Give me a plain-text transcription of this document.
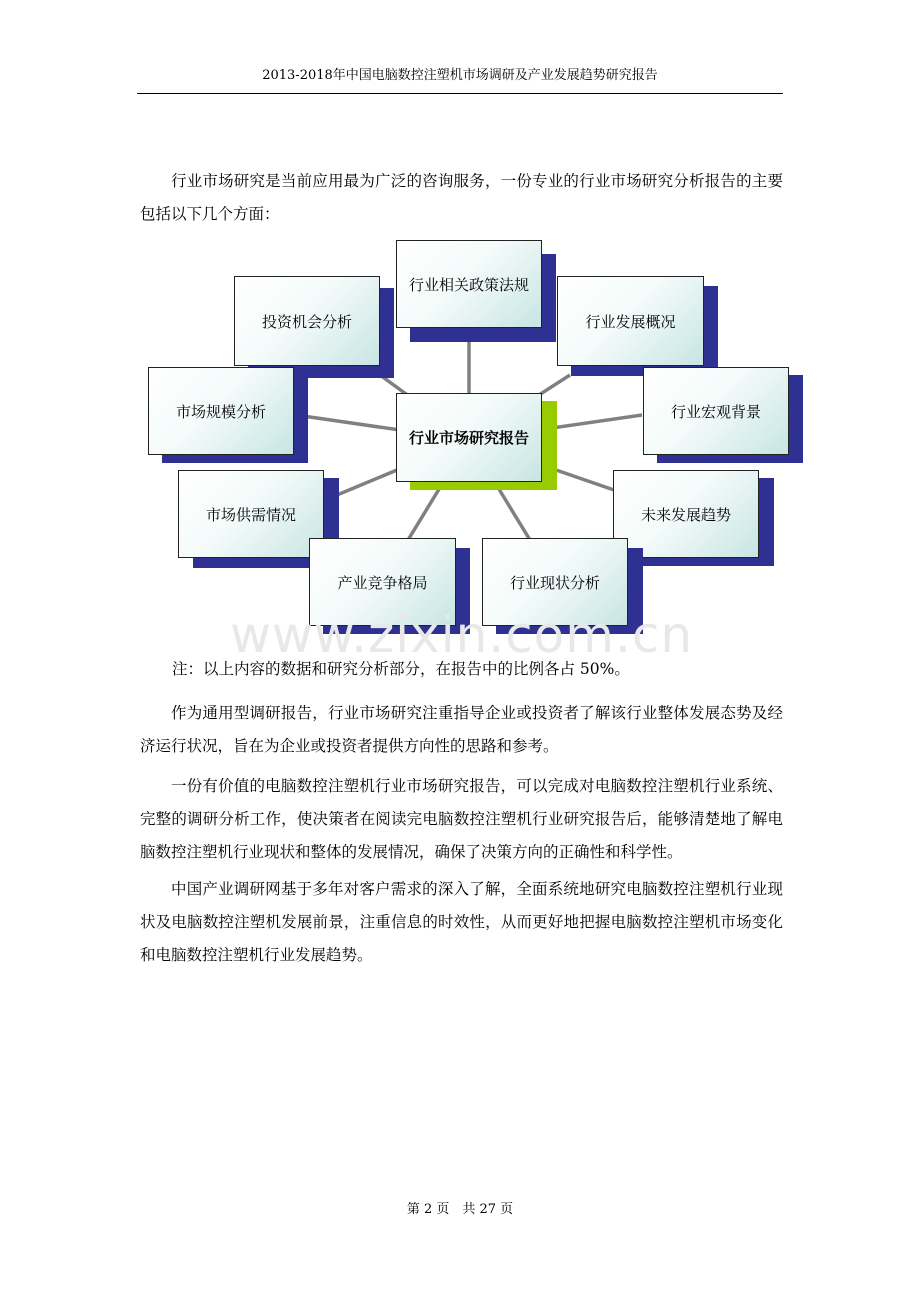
2013-2018年中国电脑数控注塑机市场调研及产业发展趋势研究报告

行业市场研究是当前应用最为广泛的咨询服务，一份专业的行业市场研究分析报告的主要包括以下几个方面：

行业相关政策法规
投资机会分析	行业发展概况
市场规模分析	行业宏观背景
市场供需情况	未来发展趋势
产业竞争格局	行业现状分析
行业市场研究报告
www.zixin.com.cn
注：以上内容的数据和研究分析部分，在报告中的比例各占 50%。

作为通用型调研报告，行业市场研究注重指导企业或投资者了解该行业整体发展态势及经济运行状况，旨在为企业或投资者提供方向性的思路和参考。

一份有价值的电脑数控注塑机行业市场研究报告，可以完成对电脑数控注塑机行业系统、完整的调研分析工作，使决策者在阅读完电脑数控注塑机行业研究报告后，能够清楚地了解电脑数控注塑机行业现状和整体的发展情况，确保了决策方向的正确性和科学性。

中国产业调研网基于多年对客户需求的深入了解，全面系统地研究电脑数控注塑机行业现状及电脑数控注塑机发展前景，注重信息的时效性，从而更好地把握电脑数控注塑机市场变化和电脑数控注塑机行业发展趋势。

第 2 页　共 27 页
